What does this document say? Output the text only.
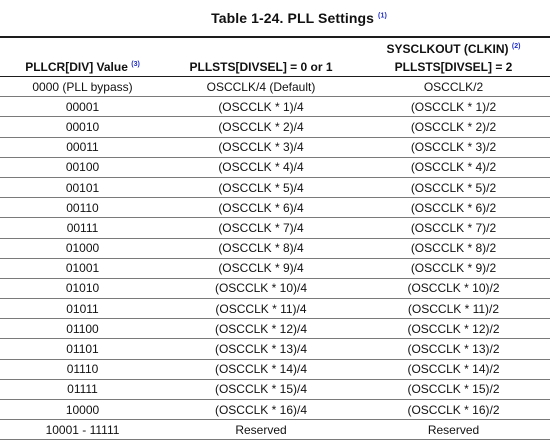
Table 1-24. PLL Settings $^{(1)}$
		SYSCLKOUT (CLKIN) $^{(2)}$
PLLCR[DIV] Value $^{(3)}$	PLLSTS[DIVSEL] = 0 or 1	PLLSTS[DIVSEL] = 2
0000 (PLL bypass)	OSCCLK/4 (Default)	OSCCLK/2
00001	(OSCCLK * 1)/4	(OSCCLK * 1)/2
00010	(OSCCLK * 2)/4	(OSCCLK * 2)/2
00011	(OSCCLK * 3)/4	(OSCCLK * 3)/2
00100	(OSCCLK * 4)/4	(OSCCLK * 4)/2
00101	(OSCCLK * 5)/4	(OSCCLK * 5)/2
00110	(OSCCLK * 6)/4	(OSCCLK * 6)/2
00111	(OSCCLK * 7)/4	(OSCCLK * 7)/2
01000	(OSCCLK * 8)/4	(OSCCLK * 8)/2
01001	(OSCCLK * 9)/4	(OSCCLK * 9)/2
01010	(OSCCLK * 10)/4	(OSCCLK * 10)/2
01011	(OSCCLK * 11)/4	(OSCCLK * 11)/2
01100	(OSCCLK * 12)/4	(OSCCLK * 12)/2
01101	(OSCCLK * 13)/4	(OSCCLK * 13)/2
01110	(OSCCLK * 14)/4	(OSCCLK * 14)/2
01111	(OSCCLK * 15)/4	(OSCCLK * 15)/2
10000	(OSCCLK * 16)/4	(OSCCLK * 16)/2
10001 - 11111	Reserved	Reserved
